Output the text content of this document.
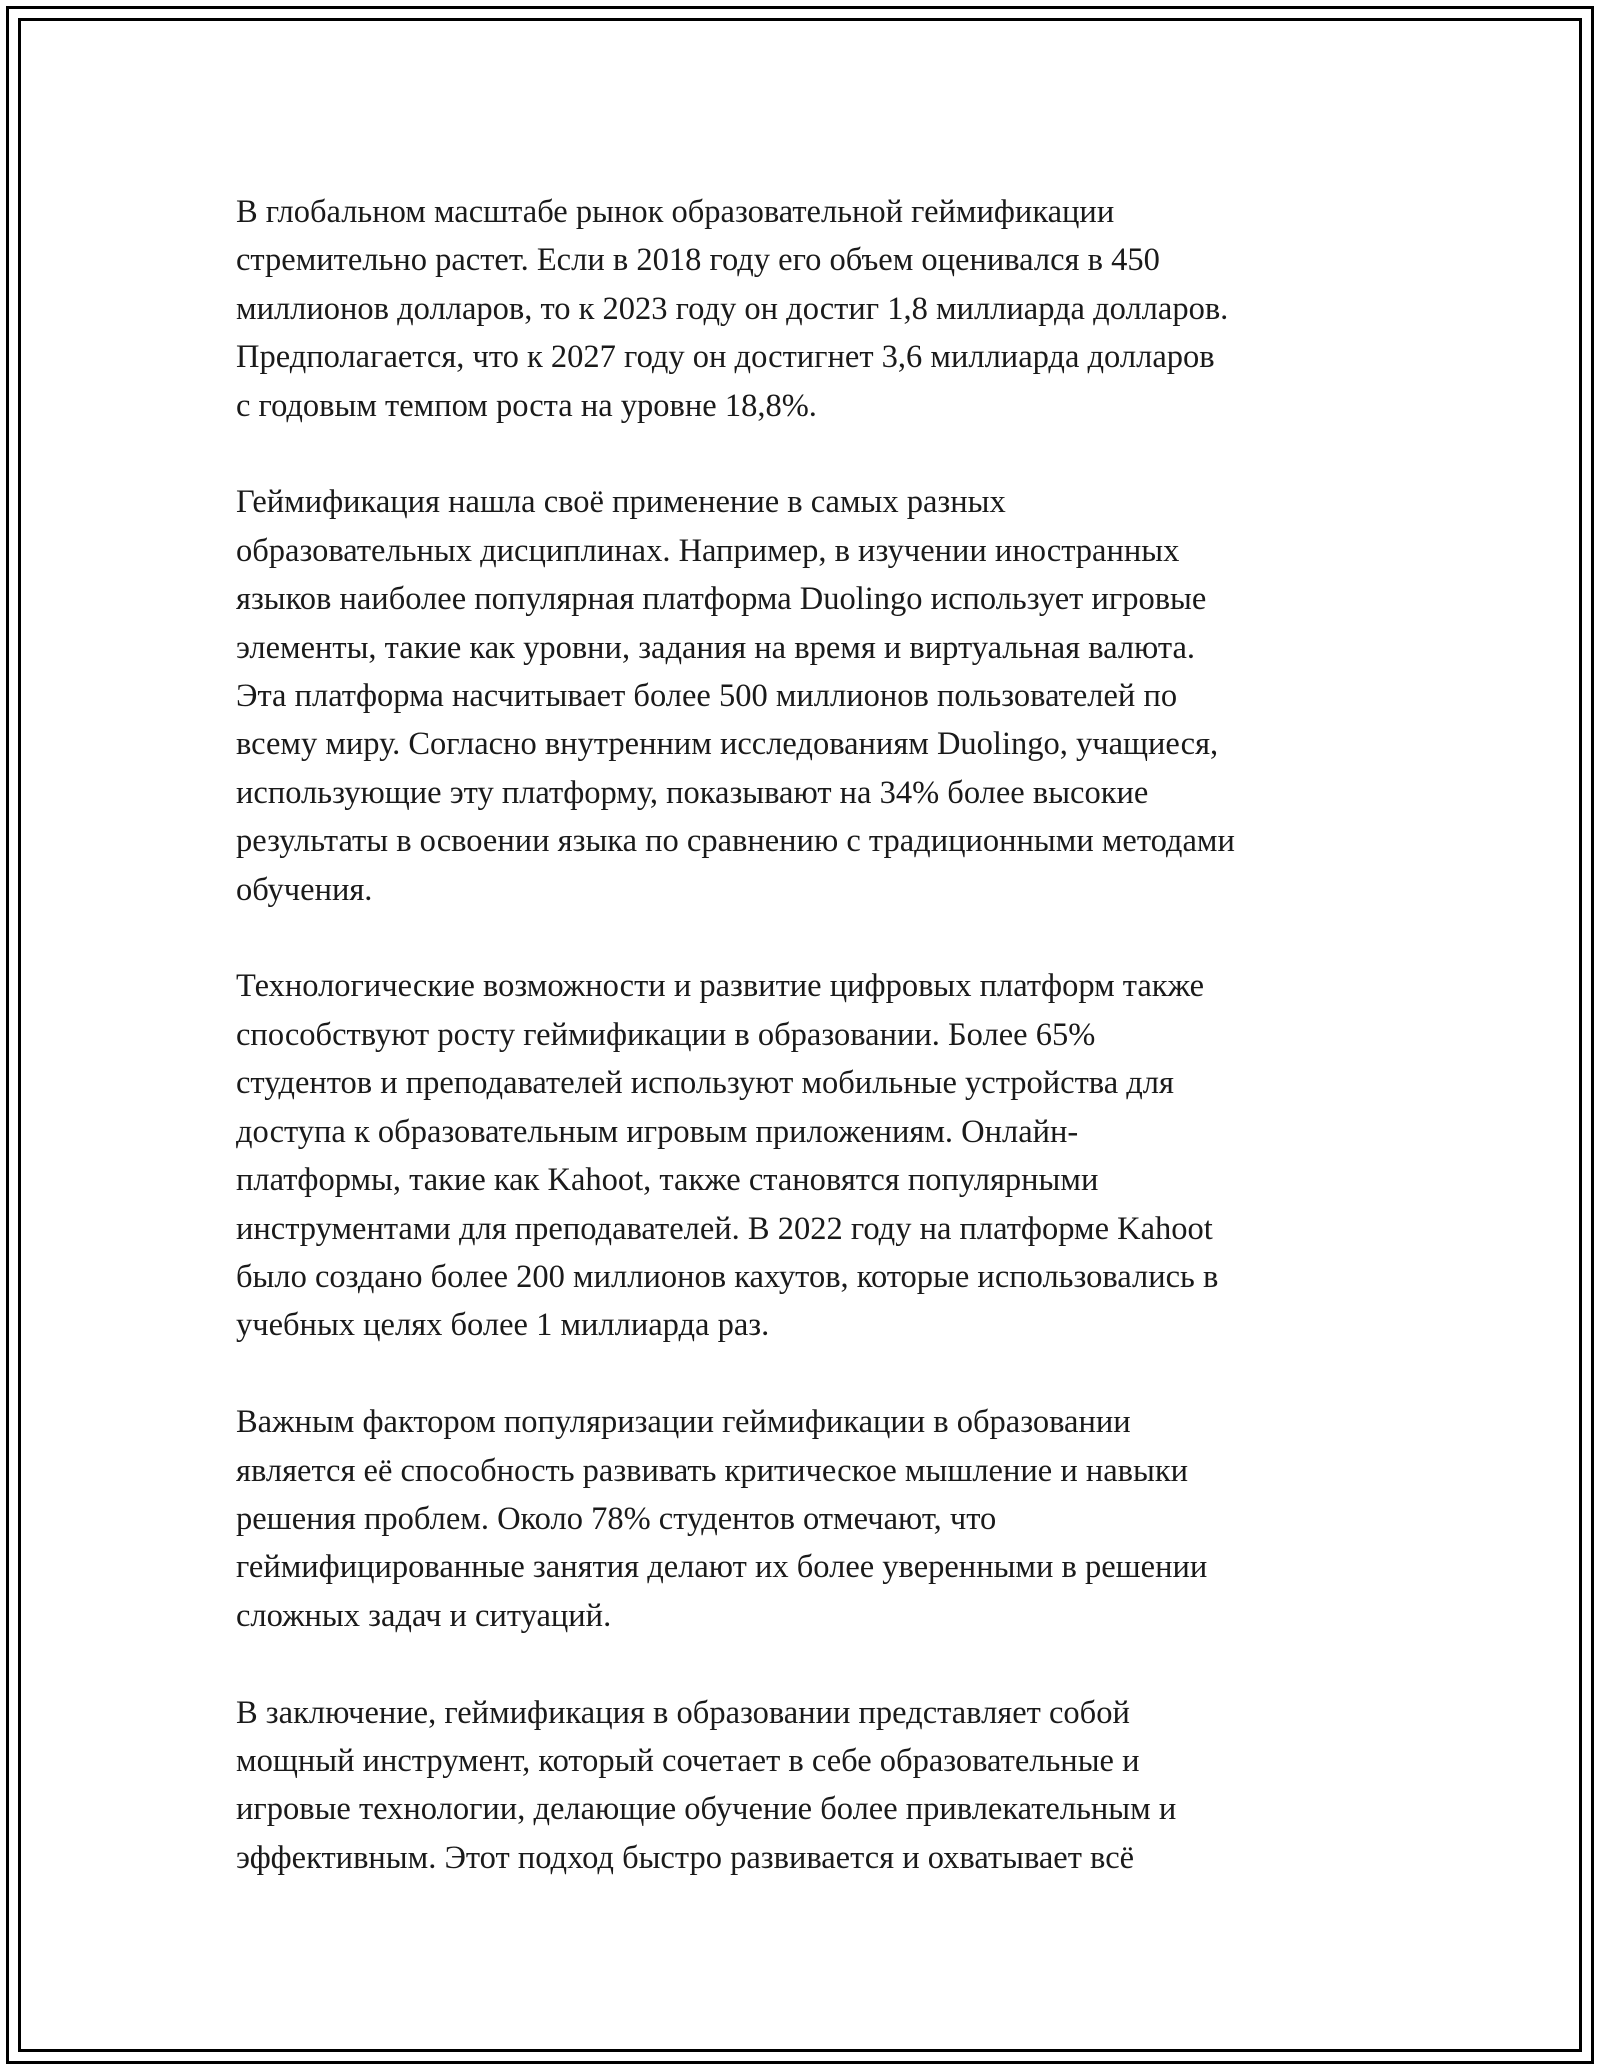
В глобальном масштабе рынок образовательной геймификации
стремительно растет. Если в 2018 году его объем оценивался в 450
миллионов долларов, то к 2023 году он достиг 1,8 миллиарда долларов.
Предполагается, что к 2027 году он достигнет 3,6 миллиарда долларов
с годовым темпом роста на уровне 18,8%.

Геймификация нашла своё применение в самых разных
образовательных дисциплинах. Например, в изучении иностранных
языков наиболее популярная платформа Duolingo использует игровые
элементы, такие как уровни, задания на время и виртуальная валюта.
Эта платформа насчитывает более 500 миллионов пользователей по
всему миру. Согласно внутренним исследованиям Duolingo, учащиеся,
использующие эту платформу, показывают на 34% более высокие
результаты в освоении языка по сравнению с традиционными методами
обучения.

Технологические возможности и развитие цифровых платформ также
способствуют росту геймификации в образовании. Более 65%
студентов и преподавателей используют мобильные устройства для
доступа к образовательным игровым приложениям. Онлайн-
платформы, такие как Kahoot, также становятся популярными
инструментами для преподавателей. В 2022 году на платформе Kahoot
было создано более 200 миллионов кахутов, которые использовались в
учебных целях более 1 миллиарда раз.

Важным фактором популяризации геймификации в образовании
является её способность развивать критическое мышление и навыки
решения проблем. Около 78% студентов отмечают, что
геймифицированные занятия делают их более уверенными в решении
сложных задач и ситуаций.

В заключение, геймификация в образовании представляет собой
мощный инструмент, который сочетает в себе образовательные и
игровые технологии, делающие обучение более привлекательным и
эффективным. Этот подход быстро развивается и охватывает всё
